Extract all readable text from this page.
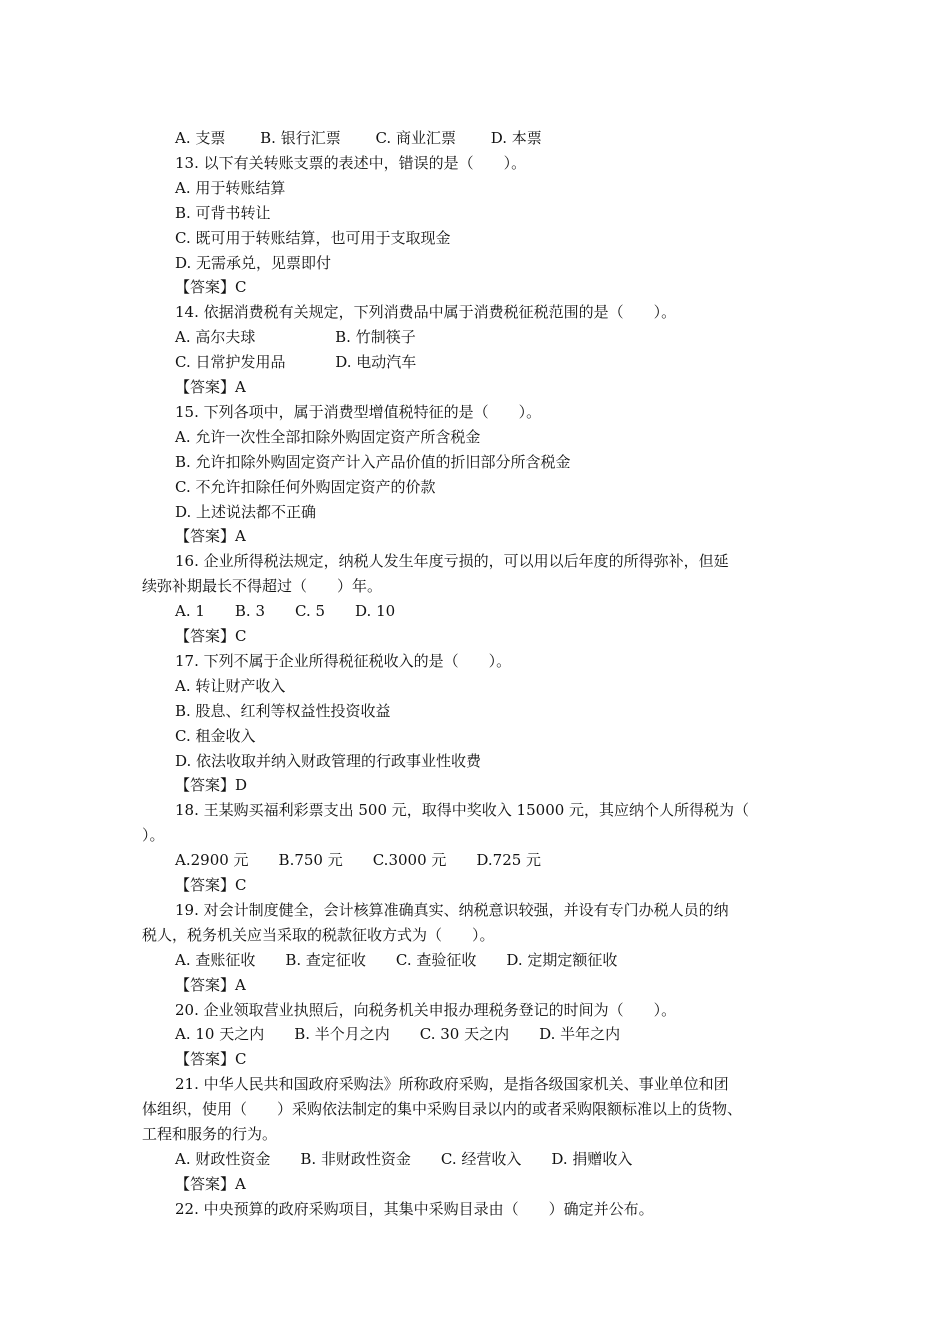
A. 支票　　 B. 银行汇票　　 C. 商业汇票　　 D. 本票
13. 以下有关转账支票的表述中，错误的是（　　）。
A. 用于转账结算
B. 可背书转让
C. 既可用于转账结算，也可用于支取现金
D. 无需承兑，见票即付
【答案】C
14. 依据消费税有关规定，下列消费品中属于消费税征税范围的是（　　）。
A. 高尔夫球　　　　　 B. 竹制筷子
C. 日常护发用品　　　 D. 电动汽车
【答案】A
15. 下列各项中，属于消费型增值税特征的是（　　）。
A. 允许一次性全部扣除外购固定资产所含税金
B. 允许扣除外购固定资产计入产品价值的折旧部分所含税金
C. 不允许扣除任何外购固定资产的价款
D. 上述说法都不正确
【答案】A
16. 企业所得税法规定，纳税人发生年度亏损的，可以用以后年度的所得弥补，但延
续弥补期最长不得超过（　　）年。
A. 1　　B. 3　　C. 5　　D. 10
【答案】C
17. 下列不属于企业所得税征税收入的是（　　）。
A. 转让财产收入
B. 股息、红利等权益性投资收益
C. 租金收入
D. 依法收取并纳入财政管理的行政事业性收费
【答案】D
18. 王某购买福利彩票支出 500 元，取得中奖收入 15000 元，其应纳个人所得税为（
）。
A.2900 元　　B.750 元　　C.3000 元　　D.725 元
【答案】C
19. 对会计制度健全，会计核算准确真实、纳税意识较强，并设有专门办税人员的纳
税人，税务机关应当采取的税款征收方式为（　　）。
A. 查账征收　　B. 查定征收　　C. 查验征收　　D. 定期定额征收
【答案】A
20. 企业领取营业执照后，向税务机关申报办理税务登记的时间为（　　）。
A. 10 天之内　　B. 半个月之内　　C. 30 天之内　　D. 半年之内
【答案】C
21. 中华人民共和国政府采购法》所称政府采购，是指各级国家机关、事业单位和团
体组织，使用（　　）采购依法制定的集中采购目录以内的或者采购限额标准以上的货物、
工程和服务的行为。
A. 财政性资金　　B. 非财政性资金　　C. 经营收入　　D. 捐赠收入
【答案】A
22. 中央预算的政府采购项目，其集中采购目录由（　　）确定并公布。
